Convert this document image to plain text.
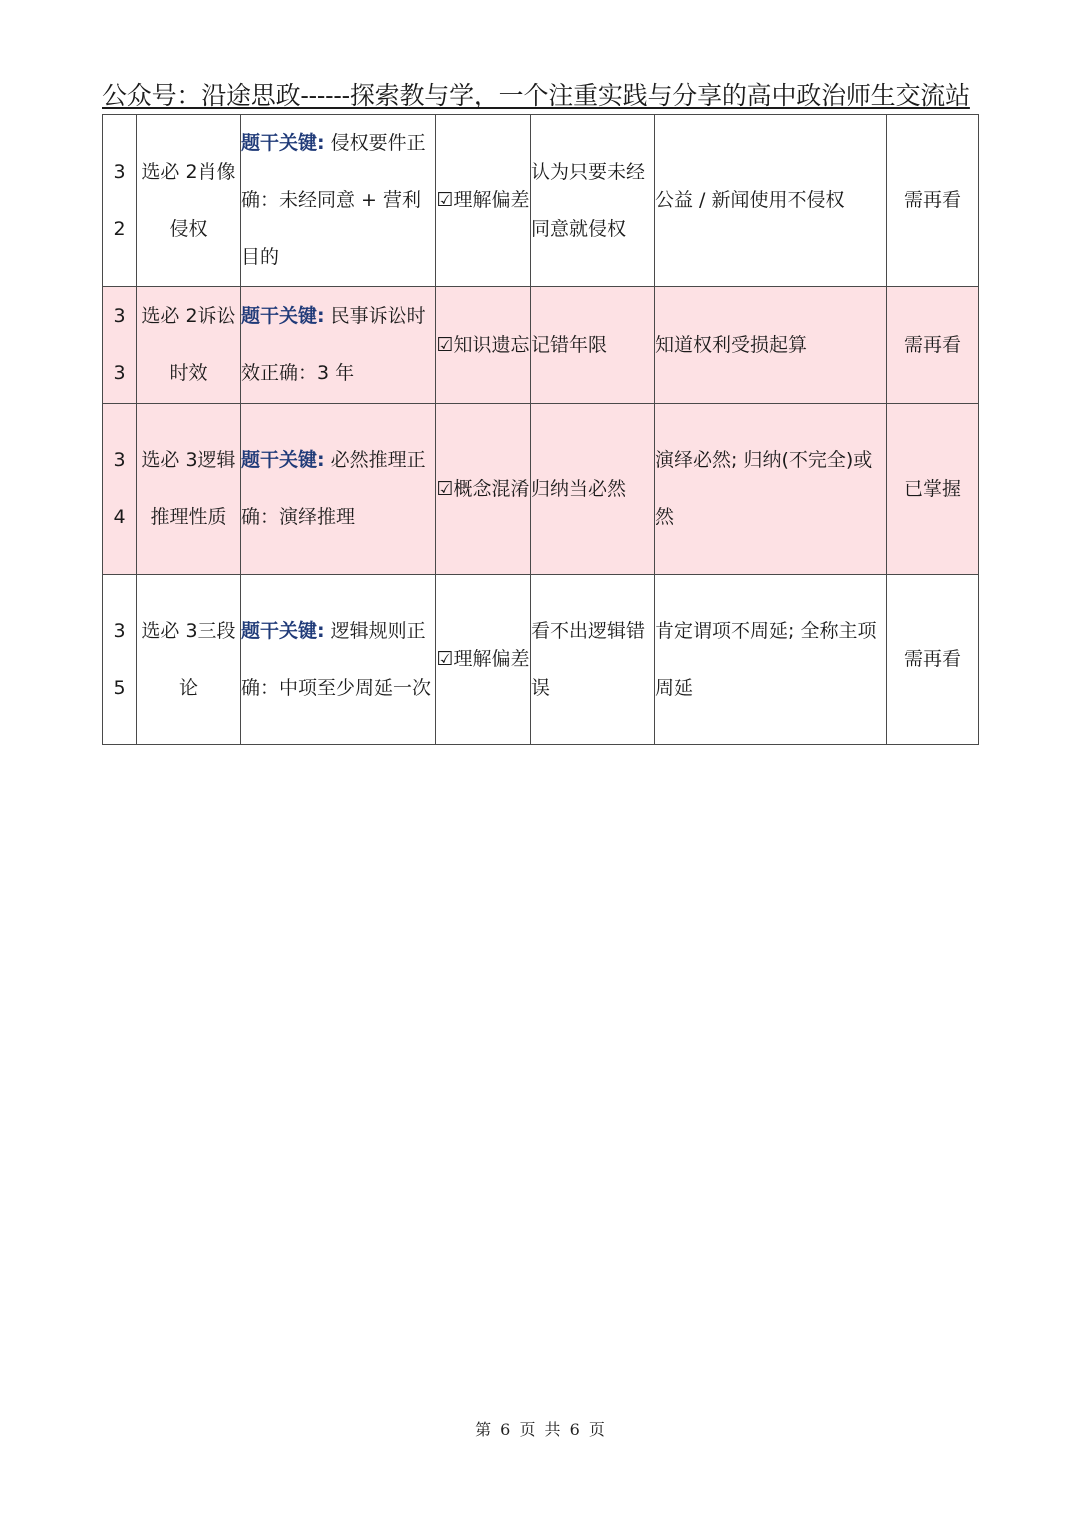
公众号：沿途思政------探索教与学，一个注重实践与分享的高中政治师生交流站
3
2	选必 2肖像侵权	题干关键: 侵权要件正确：未经同意 + 营利目的	☑理解偏差	认为只要未经同意就侵权	公益 / 新闻使用不侵权	需再看

3
3	选必 2诉讼时效	题干关键: 民事诉讼时效正确：3 年	☑知识遗忘	记错年限	知道权利受损起算	需再看

3
4	选必 3逻辑推理性质	题干关键: 必然推理正确：演绎推理	☑概念混淆	归纳当必然	演绎必然; 归纳(不完全)或然	已掌握

3
5	选必 3三段论	题干关键: 逻辑规则正确：中项至少周延一次	☑理解偏差	看不出逻辑错误	肯定谓项不周延; 全称主项周延	需再看
第 6 页 共 6 页
